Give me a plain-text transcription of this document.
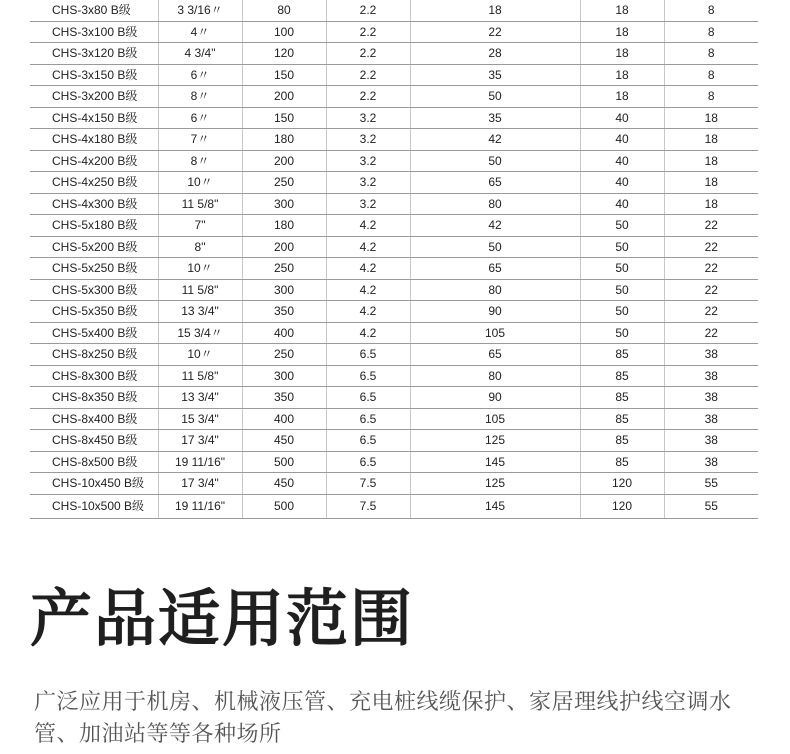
CHS-3x80 B级	3 3/16〃	80	2.2	18	18	8
CHS-3x100 B级	4〃	100	2.2	22	18	8
CHS-3x120 B级	4 3/4"	120	2.2	28	18	8
CHS-3x150 B级	6〃	150	2.2	35	18	8
CHS-3x200 B级	8〃	200	2.2	50	18	8
CHS-4x150 B级	6〃	150	3.2	35	40	18
CHS-4x180 B级	7〃	180	3.2	42	40	18
CHS-4x200 B级	8〃	200	3.2	50	40	18
CHS-4x250 B级	10〃	250	3.2	65	40	18
CHS-4x300 B级	11 5/8"	300	3.2	80	40	18
CHS-5x180 B级	7"	180	4.2	42	50	22
CHS-5x200 B级	8"	200	4.2	50	50	22
CHS-5x250 B级	10〃	250	4.2	65	50	22
CHS-5x300 B级	11 5/8"	300	4.2	80	50	22
CHS-5x350 B级	13 3/4"	350	4.2	90	50	22
CHS-5x400 B级	15 3/4〃	400	4.2	105	50	22
CHS-8x250 B级	10〃	250	6.5	65	85	38
CHS-8x300 B级	11 5/8"	300	6.5	80	85	38
CHS-8x350 B级	13 3/4"	350	6.5	90	85	38
CHS-8x400 B级	15 3/4"	400	6.5	105	85	38
CHS-8x450 B级	17 3/4"	450	6.5	125	85	38
CHS-8x500 B级	19 11/16"	500	6.5	145	85	38
CHS-10x450 B级	17 3/4"	450	7.5	125	120	55
CHS-10x500 B级	19 11/16"	500	7.5	145	120	55
产品适用范围

广泛应用于机房、机械液压管、充电桩线缆保护、家居理线护线空调水管、加油站等等各种场所
